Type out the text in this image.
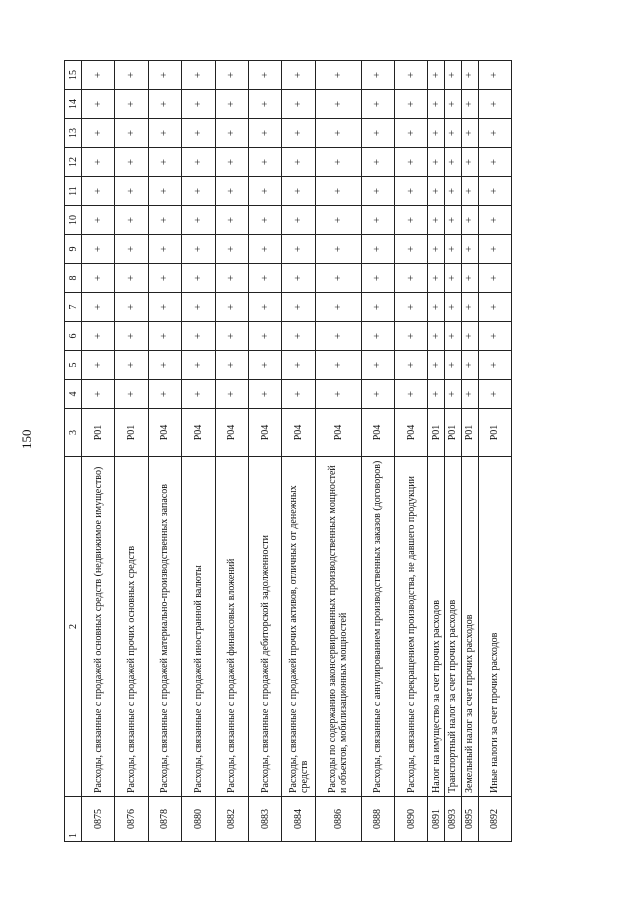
150
1	2	3	4	5	6	7	8	9	10	11	12	13	14	15
0875	Расходы, связанные с продажей основных средств (недвижимое имущество)	P01	+	+	+	+	+	+	+	+	+	+	+	+
0876	Расходы, связанные с продажей прочих основных средств	P01	+	+	+	+	+	+	+	+	+	+	+	+
0878	Расходы, связанные с продажей материально-производственных запасов	P04	+	+	+	+	+	+	+	+	+	+	+	+
0880	Расходы, связанные с продажей иностранной валюты	P04	+	+	+	+	+	+	+	+	+	+	+	+
0882	Расходы, связанные с продажей финансовых вложений	P04	+	+	+	+	+	+	+	+	+	+	+	+
0883	Расходы, связанные с продажей дебиторской задолженности	P04	+	+	+	+	+	+	+	+	+	+	+	+
0884	Расходы, связанные с продажей прочих активов, отличных от денежных средств	P04	+	+	+	+	+	+	+	+	+	+	+	+
0886	Расходы по содержанию законсервированных производственных мощностей и объектов, мобилизационных мощностей	P04	+	+	+	+	+	+	+	+	+	+	+	+
0888	Расходы, связанные с аннулированием производственных заказов (договоров)	P04	+	+	+	+	+	+	+	+	+	+	+	+
0890	Расходы, связанные с прекращением производства, не давшего продукции	P04	+	+	+	+	+	+	+	+	+	+	+	+
0891	Налог на имущество за счет прочих расходов	P01	+	+	+	+	+	+	+	+	+	+	+	+
0893	Транспортный налог за счет прочих расходов	P01	+	+	+	+	+	+	+	+	+	+	+	+
0895	Земельный налог за счет прочих расходов	P01	+	+	+	+	+	+	+	+	+	+	+	+
0892	Иные налоги за счет прочих расходов	P01	+	+	+	+	+	+	+	+	+	+	+	+
